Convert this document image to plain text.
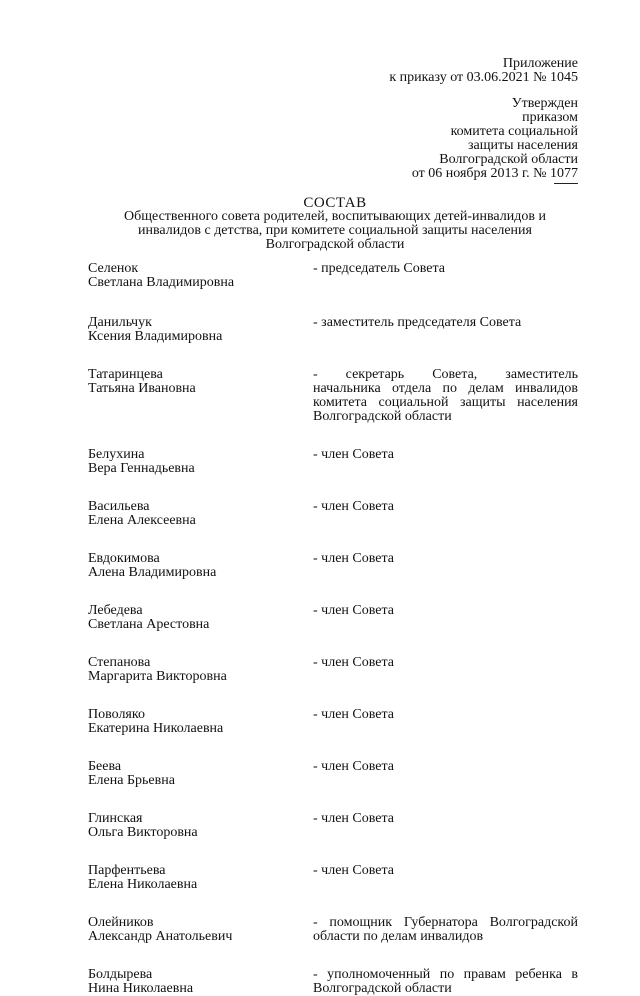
Приложение
к приказу от 03.06.2021 № 1045
Утвержден
приказом
комитета социальной
защиты населения
Волгоградской области
от 06 ноября 2013 г. № 1077
СОСТАВ
Общественного совета родителей, воспитывающих детей-инвалидов и
инвалидов с детства, при комитете социальной защиты населения
Волгоградской области
Селенок
Светлана Владимировна
- председатель Совета
Данильчук
Ксения Владимировна
- заместитель председателя Совета
Татаринцева
Татьяна Ивановна
- секретарь Совета, заместитель
начальника отдела по делам инвалидов
комитета социальной защиты населения
Волгоградской области
Белухина
Вера Геннадьевна
- член Совета
Васильева
Елена Алексеевна
- член Совета
Евдокимова
Алена Владимировна
- член Совета
Лебедева
Светлана Арестовна
- член Совета
Степанова
Маргарита Викторовна
- член Совета
Поволяко
Екатерина Николаевна
- член Совета
Беева
Елена Брьевна
- член Совета
Глинская
Ольга Викторовна
- член Совета
Парфентьева
Елена Николаевна
- член Совета
Олейников
Александр Анатольевич
- помощник Губернатора Волгоградской
области по делам инвалидов
Болдырева
Нина Николаевна
- уполномоченный по правам ребенка в
Волгоградской области
